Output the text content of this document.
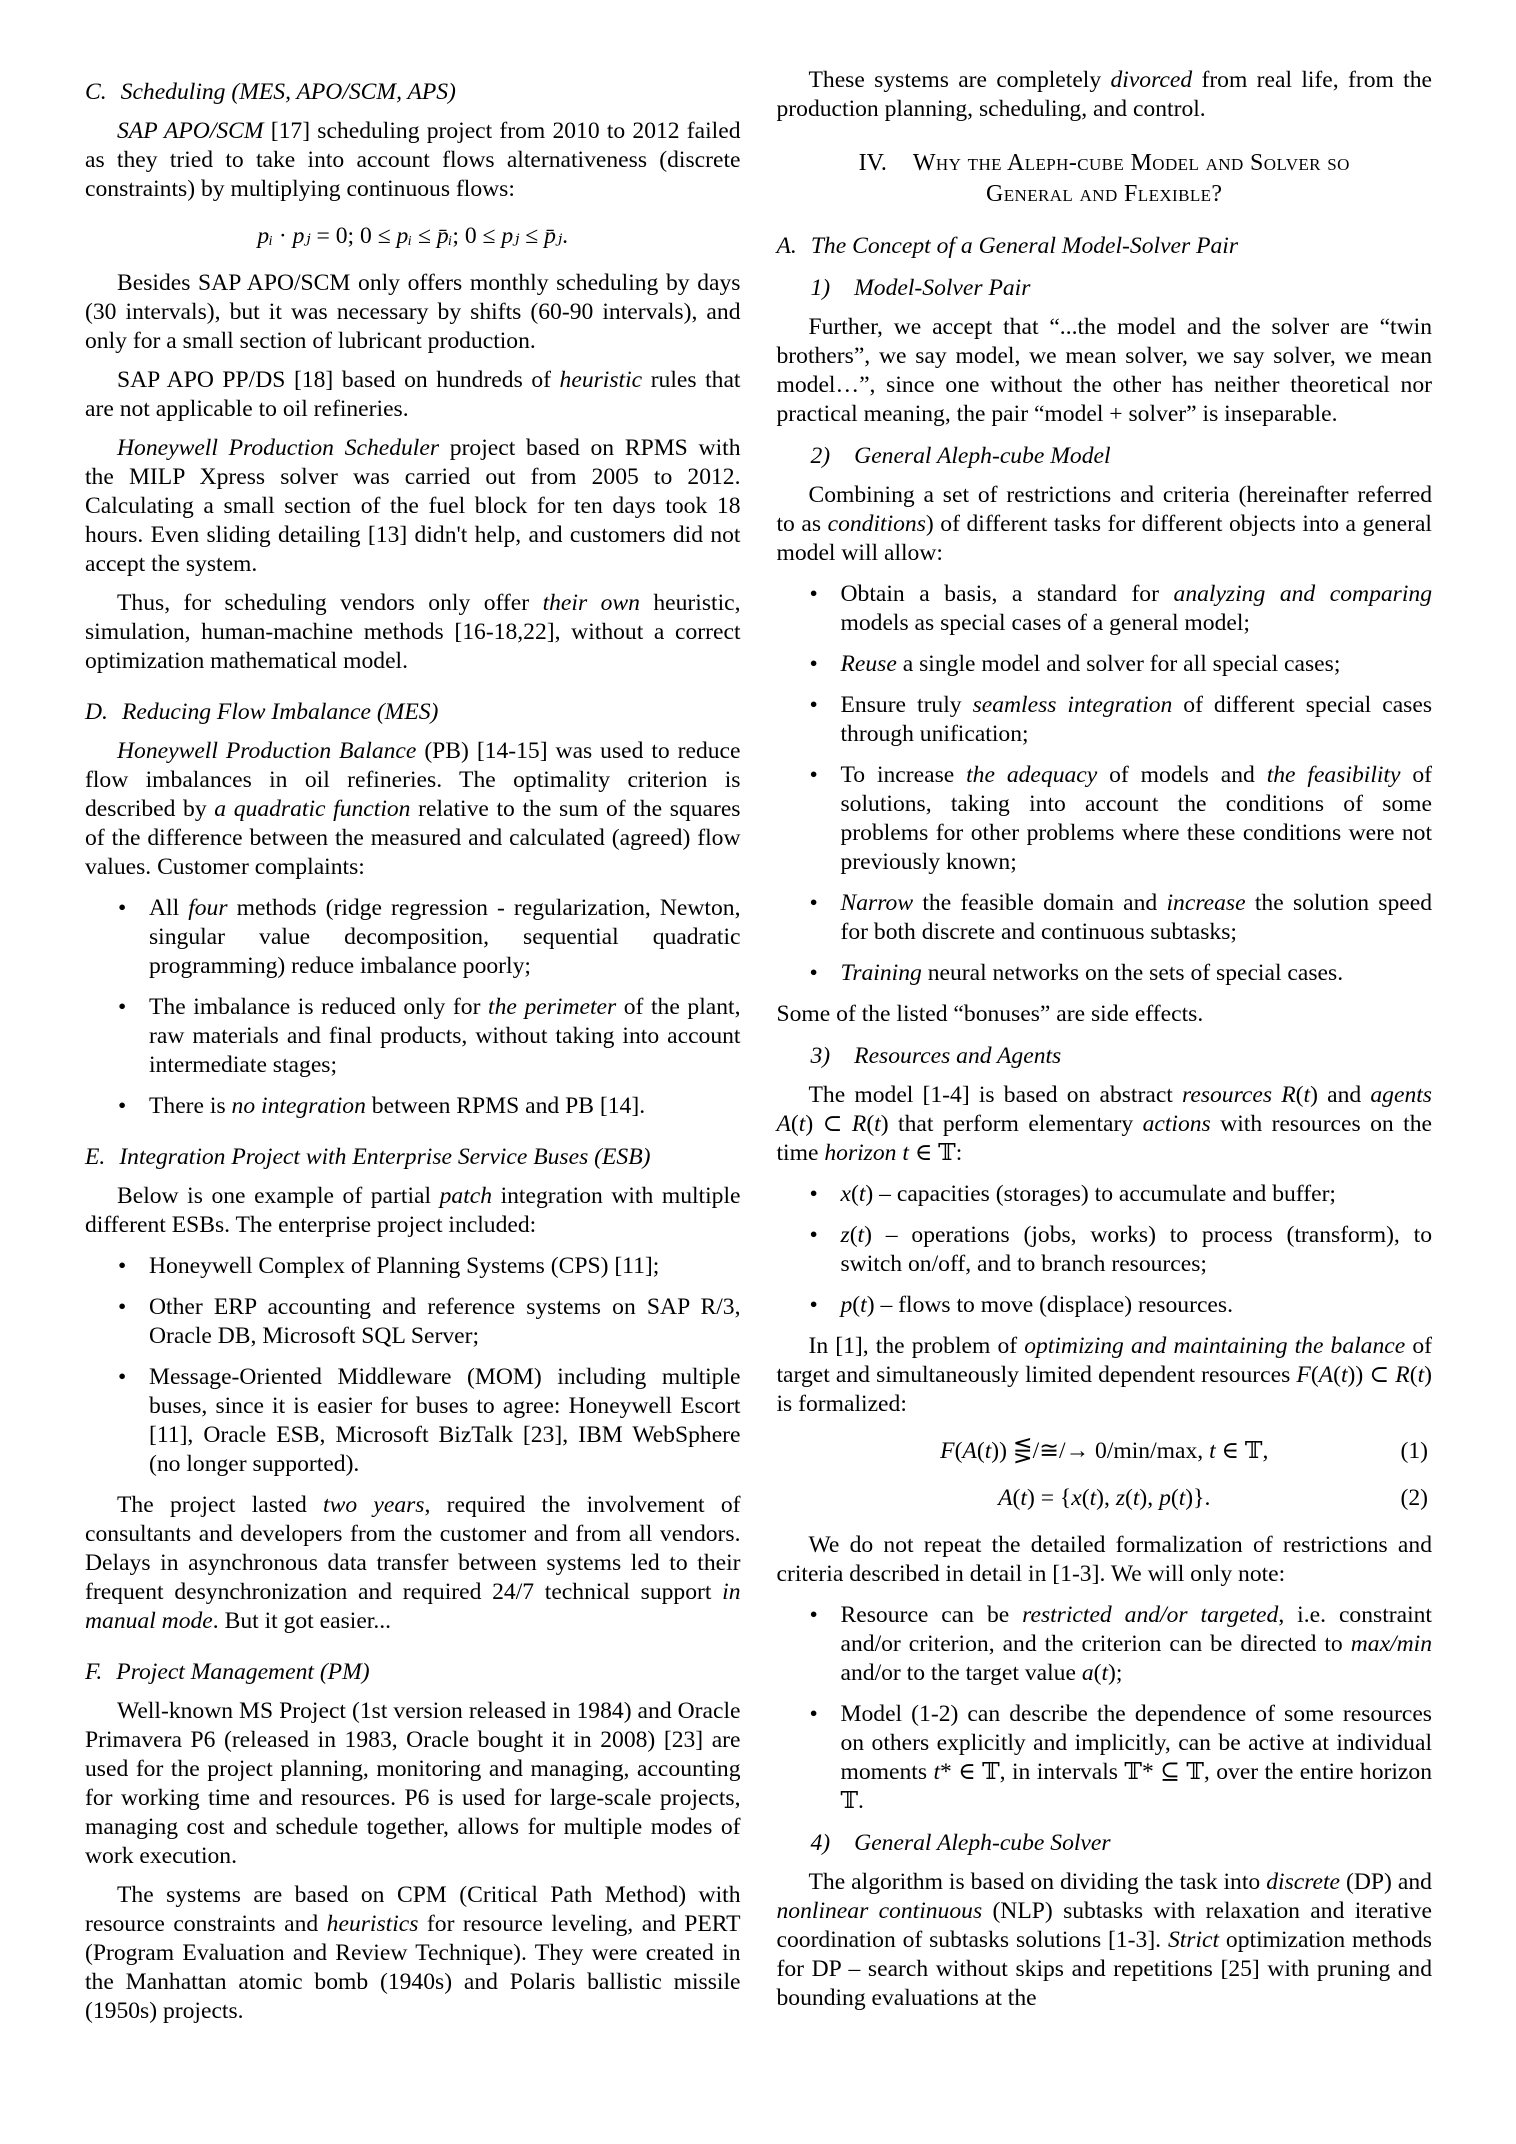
C. Scheduling (MES, APO/SCM, APS)

SAP APO/SCM [17] scheduling project from 2010 to 2012 failed as they tried to take into account flows alternativeness (discrete constraints) by multiplying continuous flows:

pᵢ · pⱼ = 0; 0 ≤ pᵢ ≤ p̄ᵢ; 0 ≤ pⱼ ≤ p̄ⱼ.

Besides SAP APO/SCM only offers monthly scheduling by days (30 intervals), but it was necessary by shifts (60-90 intervals), and only for a small section of lubricant production.

SAP APO PP/DS [18] based on hundreds of heuristic rules that are not applicable to oil refineries.

Honeywell Production Scheduler project based on RPMS with the MILP Xpress solver was carried out from 2005 to 2012. Calculating a small section of the fuel block for ten days took 18 hours. Even sliding detailing [13] didn't help, and customers did not accept the system.

Thus, for scheduling vendors only offer their own heuristic, simulation, human-machine methods [16-18,22], without a correct optimization mathematical model.

D. Reducing Flow Imbalance (MES)

Honeywell Production Balance (PB) [14-15] was used to reduce flow imbalances in oil refineries. The optimality criterion is described by a quadratic function relative to the sum of the squares of the difference between the measured and calculated (agreed) flow values. Customer complaints:

• All four methods (ridge regression - regularization, Newton, singular value decomposition, sequential quadratic programming) reduce imbalance poorly;
• The imbalance is reduced only for the perimeter of the plant, raw materials and final products, without taking into account intermediate stages;
• There is no integration between RPMS and PB [14].
E. Integration Project with Enterprise Service Buses (ESB)

Below is one example of partial patch integration with multiple different ESBs. The enterprise project included:

• Honeywell Complex of Planning Systems (CPS) [11];
• Other ERP accounting and reference systems on SAP R/3, Oracle DB, Microsoft SQL Server;
• Message-Oriented Middleware (MOM) including multiple buses, since it is easier for buses to agree: Honeywell Escort [11], Oracle ESB, Microsoft BizTalk [23], IBM WebSphere (no longer supported).

The project lasted two years, required the involvement of consultants and developers from the customer and from all vendors. Delays in asynchronous data transfer between systems led to their frequent desynchronization and required 24/7 technical support in manual mode. But it got easier...

F. Project Management (PM)

Well-known MS Project (1st version released in 1984) and Oracle Primavera P6 (released in 1983, Oracle bought it in 2008) [23] are used for the project planning, monitoring and managing, accounting for working time and resources. P6 is used for large-scale projects, managing cost and schedule together, allows for multiple modes of work execution.

The systems are based on CPM (Critical Path Method) with resource constraints and heuristics for resource leveling, and PERT (Program Evaluation and Review Technique). They were created in the Manhattan atomic bomb (1940s) and Polaris ballistic missile (1950s) projects.

These systems are completely divorced from real life, from the production planning, scheduling, and control.

IV. Why the Aleph-cube Model and Solver so General and Flexible?
A. The Concept of a General Model-Solver Pair
1) Model-Solver Pair

Further, we accept that “...the model and the solver are “twin brothers”, we say model, we mean solver, we say solver, we mean model…”, since one without the other has neither theoretical nor practical meaning, the pair “model + solver” is inseparable.

2) General Aleph-cube Model

Combining a set of restrictions and criteria (hereinafter referred to as conditions) of different tasks for different objects into a general model will allow:

• Obtain a basis, a standard for analyzing and comparing models as special cases of a general model;
• Reuse a single model and solver for all special cases;
• Ensure truly seamless integration of different special cases through unification;
• To increase the adequacy of models and the feasibility of solutions, taking into account the conditions of some problems for other problems where these conditions were not previously known;
• Narrow the feasible domain and increase the solution speed for both discrete and continuous subtasks;
• Training neural networks on the sets of special cases.

Some of the listed “bonuses” are side effects.

3) Resources and Agents

The model [1-4] is based on abstract resources R(t) and agents A(t) ⊂ R(t) that perform elementary actions with resources on the time horizon t ∈ 𝕋:

• x(t) – capacities (storages) to accumulate and buffer;
• z(t) – operations (jobs, works) to process (transform), to switch on/off, and to branch resources;
• p(t) – flows to move (displace) resources.

In [1], the problem of optimizing and maintaining the balance of target and simultaneously limited dependent resources F(A(t)) ⊂ R(t) is formalized:

F(A(t)) ⋚/≅/→ 0/min/max, t ∈ 𝕋,	(1)
A(t) = {x(t), z(t), p(t)}.	(2)

We do not repeat the detailed formalization of restrictions and criteria described in detail in [1-3]. We will only note:

• Resource can be restricted and/or targeted, i.e. constraint and/or criterion, and the criterion can be directed to max/min and/or to the target value a(t);
• Model (1-2) can describe the dependence of some resources on others explicitly and implicitly, can be active at individual moments t* ∈ 𝕋, in intervals 𝕋* ⊆ 𝕋, over the entire horizon 𝕋.
4) General Aleph-cube Solver

The algorithm is based on dividing the task into discrete (DP) and nonlinear continuous (NLP) subtasks with relaxation and iterative coordination of subtasks solutions [1-3]. Strict optimization methods for DP – search without skips and repetitions [25] with pruning and bounding evaluations at the
